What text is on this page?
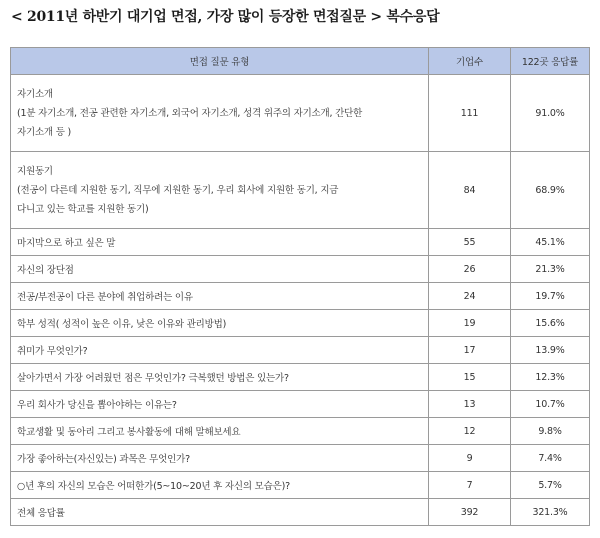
< 2011년 하반기 대기업 면접, 가장 많이 등장한 면접질문 > 복수응답
면접 질문 유형	기업수	122곳 응답률

자기소개
(1분 자기소개, 전공 관련한 자기소개, 외국어 자기소개, 성격 위주의 자기소개, 간단한
자기소개 등 )	111	91.0%

지원동기
(전공이 다른데 지원한 동기, 직무에 지원한 동기, 우리 회사에 지원한 동기, 지금
다니고 있는 학교를 지원한 동기)	84	68.9%
마지막으로 하고 싶은 말	55	45.1%
자신의 장단점	26	21.3%
전공/부전공이 다른 분야에 취업하려는 이유	24	19.7%
학부 성적( 성적이 높은 이유, 낮은 이유와 관리방법)	19	15.6%
취미가 무엇인가?	17	13.9%
살아가면서 가장 어려웠던 점은 무엇인가? 극복했던 방법은 있는가?	15	12.3%
우리 회사가 당신을 뽑아야하는 이유는?	13	10.7%
학교생활 및 동아리 그리고 봉사활동에 대해 말해보세요	12	9.8%
가장 좋아하는(자신있는) 과목은 무엇인가?	9	7.4%
○년 후의 자신의 모습은 어떠한가(5~10~20년 후 자신의 모습은)?	7	5.7%
전체 응답률	392	321.3%
